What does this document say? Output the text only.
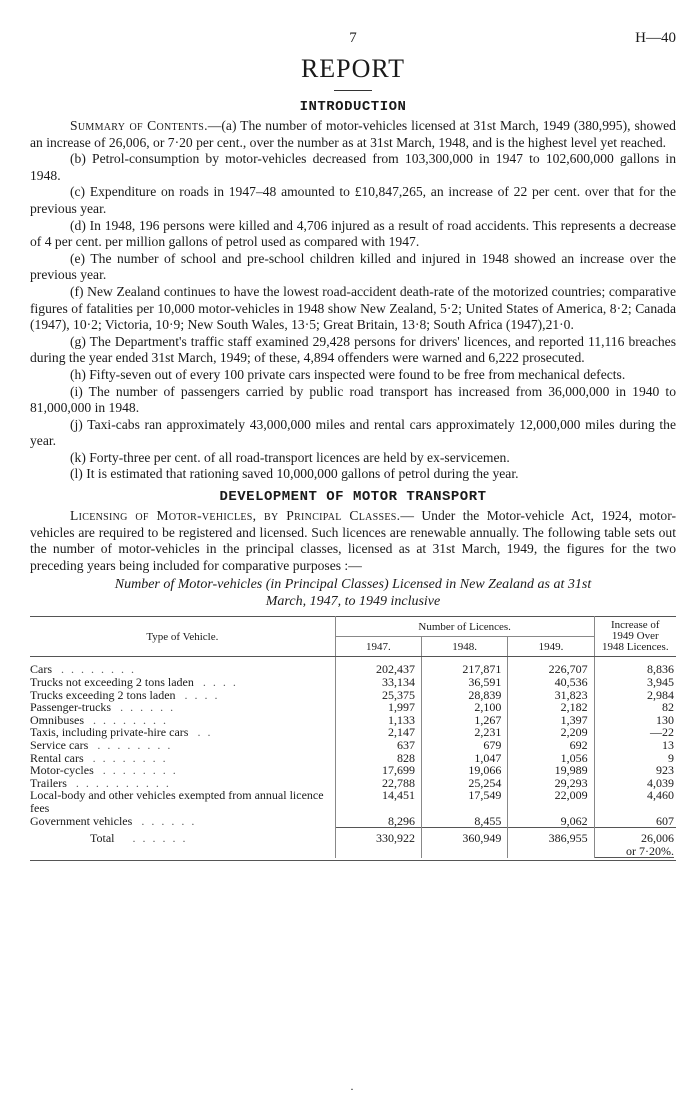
7	H—40
REPORT
INTRODUCTION

Summary of Contents.—(a) The number of motor-vehicles licensed at 31st March, 1949 (380,995), showed an increase of 26,006, or 7·20 per cent., over the number as at 31st March, 1948, and is the highest level yet reached.

(b) Petrol-consumption by motor-vehicles decreased from 103,300,000 in 1947 to 102,600,000 gallons in 1948.

(c) Expenditure on roads in 1947–48 amounted to £10,847,265, an increase of 22 per cent. over that for the previous year.

(d) In 1948, 196 persons were killed and 4,706 injured as a result of road accidents. This represents a decrease of 4 per cent. per million gallons of petrol used as compared with 1947.

(e) The number of school and pre-school children killed and injured in 1948 showed an increase over the previous year.

(f) New Zealand continues to have the lowest road-accident death-rate of the motorized countries; comparative figures of fatalities per 10,000 motor-vehicles in 1948 show New Zealand, 5·2; United States of America, 8·2; Canada (1947), 10·2; Victoria, 10·9; New South Wales, 13·5; Great Britain, 13·8; South Africa (1947),21·0.

(g) The Department's traffic staff examined 29,428 persons for drivers' licences, and reported 11,116 breaches during the year ended 31st March, 1949; of these, 4,894 offenders were warned and 6,222 prosecuted.

(h) Fifty-seven out of every 100 private cars inspected were found to be free from mechanical defects.

(i) The number of passengers carried by public road transport has increased from 36,000,000 in 1940 to 81,000,000 in 1948.

(j) Taxi-cabs ran approximately 43,000,000 miles and rental cars approximately 12,000,000 miles during the year.

(k) Forty-three per cent. of all road-transport licences are held by ex-servicemen.

(l) It is estimated that rationing saved 10,000,000 gallons of petrol during the year.

DEVELOPMENT OF MOTOR TRANSPORT

Licensing of Motor-vehicles, by Principal Classes.— Under the Motor-vehicle Act, 1924, motor-vehicles are required to be registered and licensed. Such licences are renewable annually. The following table sets out the number of motor-vehicles in the principal classes, licensed as at 31st March, 1949, the figures for the two preceding years being included for comparative purposes :—

Number of Motor-vehicles (in Principal Classes) Licensed in New Zealand as at 31st
March, 1947, to 1949 inclusive
Type of Vehicle.	Number of Licences.			Increase of
1949 Over
1948 Licences.

	1947.	1948.	1949.	
Cars . . . . . . . .	202,437	217,871	226,707	8,836
Trucks not exceeding 2 tons laden . . . .	33,134	36,591	40,536	3,945
Trucks exceeding 2 tons laden . . . .	25,375	28,839	31,823	2,984
Passenger-trucks . . . . . .	1,997	2,100	2,182	82
Omnibuses . . . . . . . .	1,133	1,267	1,397	130
Taxis, including private-hire cars . .	2,147	2,231	2,209	—22
Service cars . . . . . . . .	637	679	692	13
Rental cars . . . . . . . .	828	1,047	1,056	9
Motor-cycles . . . . . . . .	17,699	19,066	19,989	923
Trailers . . . . . . . . . .	22,788	25,254	29,293	4,039
Local-body and other vehicles exempted from annual licence fees	14,451	17,549	22,009	4,460
Government vehicles . . . . . .	8,296	8,455	9,062	607
Total . . . . . .	330,922	360,949	386,955	26,006
or 7·20%.
·
